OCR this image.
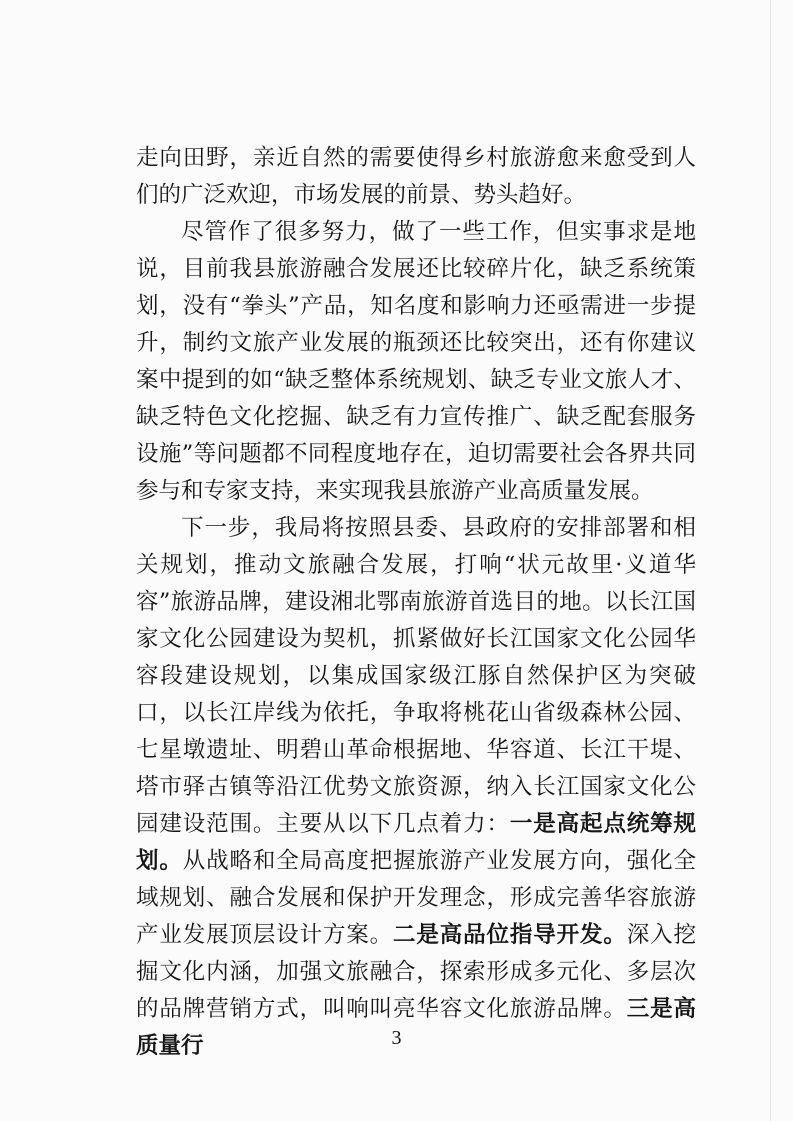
走向田野，亲近自然的需要使得乡村旅游愈来愈受到人们的广泛欢迎，市场发展的前景、势头趋好。

尽管作了很多努力，做了一些工作，但实事求是地说，目前我县旅游融合发展还比较碎片化，缺乏系统策划，没有“拳头”产品，知名度和影响力还亟需进一步提升，制约文旅产业发展的瓶颈还比较突出，还有你建议案中提到的如“缺乏整体系统规划、缺乏专业文旅人才、缺乏特色文化挖掘、缺乏有力宣传推广、缺乏配套服务设施”等问题都不同程度地存在，迫切需要社会各界共同参与和专家支持，来实现我县旅游产业高质量发展。

下一步，我局将按照县委、县政府的安排部署和相关规划，推动文旅融合发展，打响“状元故里·义道华容”旅游品牌，建设湘北鄂南旅游首选目的地。以长江国家文化公园建设为契机，抓紧做好长江国家文化公园华容段建设规划，以集成国家级江豚自然保护区为突破口，以长江岸线为依托，争取将桃花山省级森林公园、七星墩遗址、明碧山革命根据地、华容道、长江干堤、塔市驿古镇等沿江优势文旅资源，纳入长江国家文化公园建设范围。主要从以下几点着力：一是高起点统筹规划。从战略和全局高度把握旅游产业发展方向，强化全域规划、融合发展和保护开发理念，形成完善华容旅游产业发展顶层设计方案。二是高品位指导开发。深入挖掘文化内涵，加强文旅融合，探索形成多元化、多层次的品牌营销方式，叫响叫亮华容文化旅游品牌。三是高质量行	3
